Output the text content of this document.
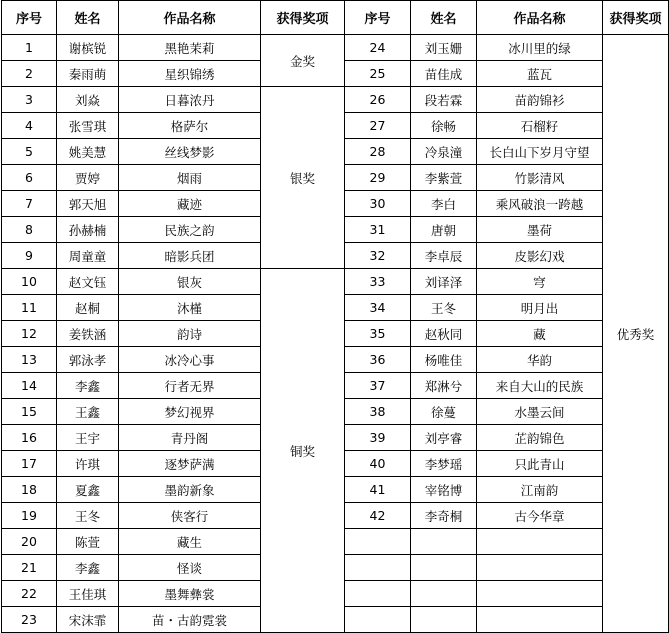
序号	姓名	作品名称	获得奖项	序号	姓名	作品名称	获得奖项
1	谢槟锐	黑艳茉莉	金奖	24	刘玉姗	冰川里的绿	优秀奖
2	秦雨萌	星织锦绣		25	苗佳成	蓝瓦	
3	刘焱	日暮浓丹	银奖	26	段若霖	苗韵锦衫	
4	张雪琪	格萨尔		27	徐畅	石榴籽	
5	姚美慧	丝线梦影		28	冷泉潼	长白山下岁月守望	
6	贾婷	烟雨		29	李紫萱	竹影清风	
7	郭天旭	藏迹		30	李白	乘风破浪一跨越	
8	孙赫楠	民族之韵		31	唐朝	墨荷	
9	周童童	暗影兵团		32	李卓辰	皮影幻戏	
10	赵文钰	银灰	铜奖	33	刘译泽	穹	
11	赵桐	沐槿		34	王冬	明月出	
12	姜铁涵	韵诗		35	赵秋同	藏	
13	郭泳孝	冰冷心事		36	杨唯佳	华韵	
14	李鑫	行者无界		37	郑淋兮	来自大山的民族	
15	王鑫	梦幻视界		38	徐蔓	水墨云间	
16	王宇	青丹阁		39	刘亭睿	芷韵锦色	
17	许琪	逐梦萨满		40	李梦瑶	只此青山	
18	夏鑫	墨韵新象		41	宰铭博	江南韵	
19	王冬	侠客行		42	李奇桐	古今华章	
20	陈萱	藏生					
21	李鑫	怪谈					
22	王佳琪	墨舞彝裳					
23	宋沫霏	苗・古韵霓裳					
